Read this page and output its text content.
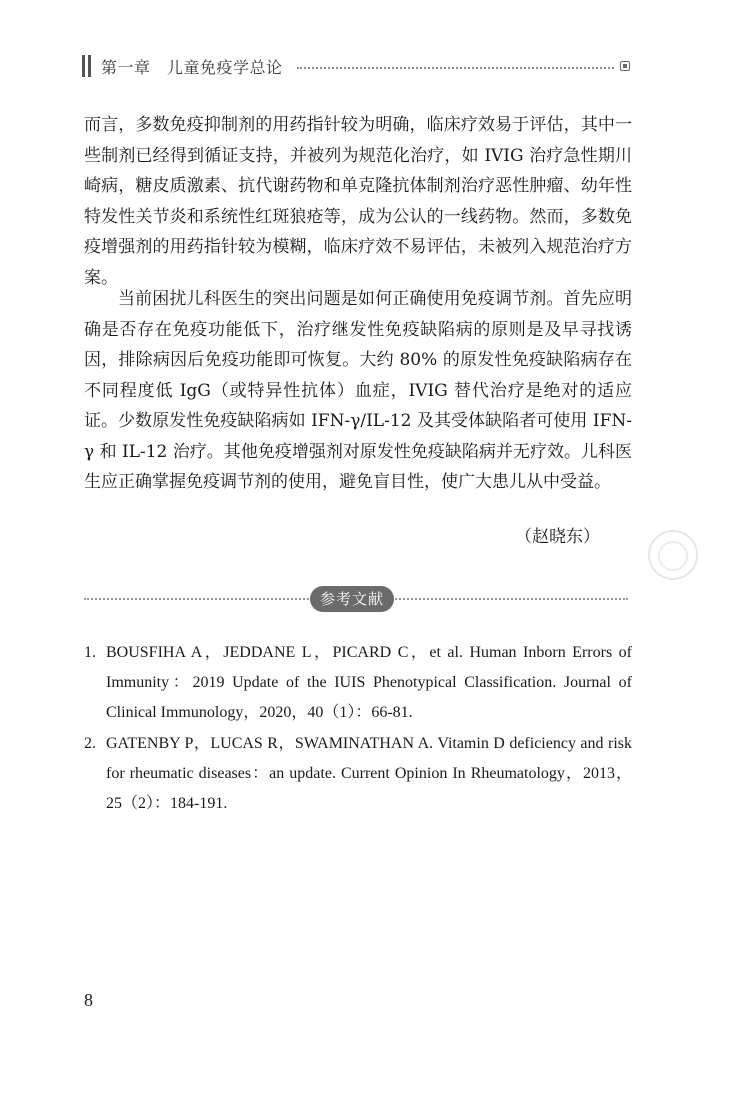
第一章　儿童免疫学总论

而言，多数免疫抑制剂的用药指针较为明确，临床疗效易于评估，其中一些制剂已经得到循证支持，并被列为规范化治疗，如 IVIG 治疗急性期川崎病，糖皮质激素、抗代谢药物和单克隆抗体制剂治疗恶性肿瘤、幼年性特发性关节炎和系统性红斑狼疮等，成为公认的一线药物。然而，多数免疫增强剂的用药指针较为模糊，临床疗效不易评估，未被列入规范治疗方案。

当前困扰儿科医生的突出问题是如何正确使用免疫调节剂。首先应明确是否存在免疫功能低下，治疗继发性免疫缺陷病的原则是及早寻找诱因，排除病因后免疫功能即可恢复。大约 80% 的原发性免疫缺陷病存在不同程度低 IgG（或特异性抗体）血症，IVIG 替代治疗是绝对的适应证。少数原发性免疫缺陷病如 IFN-γ/IL-12 及其受体缺陷者可使用 IFN-γ 和 IL-12 治疗。其他免疫增强剂对原发性免疫缺陷病并无疗效。儿科医生应正确掌握免疫调节剂的使用，避免盲目性，使广大患儿从中受益。

（赵晓东）
参考文献
1. BOUSFIHA A，JEDDANE L，PICARD C，et al. Human Inborn Errors of Immunity：2019 Update of the IUIS Phenotypical Classification. Journal of Clinical Immunology，2020，40（1）：66-81.
2. GATENBY P，LUCAS R，SWAMINATHAN A. Vitamin D deficiency and risk for rheumatic diseases：an update. Current Opinion In Rheumatology，2013，25（2）：184-191.
8
